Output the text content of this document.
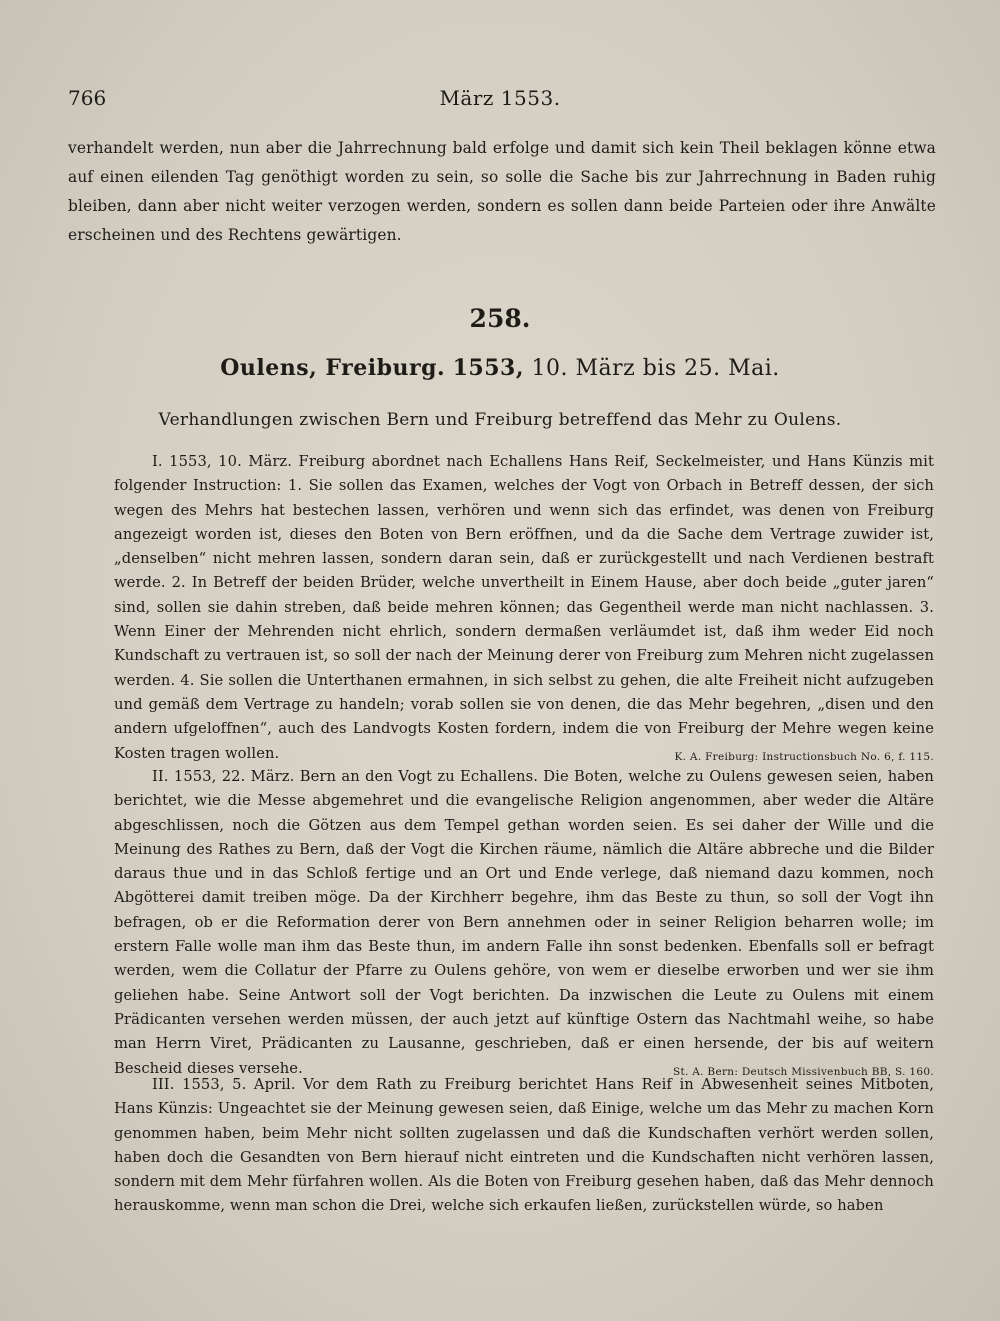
766	März 1553.
verhandelt werden, nun aber die Jahrrechnung bald erfolge und damit sich kein Theil beklagen könne etwa auf einen eilenden Tag genöthigt worden zu sein, so solle die Sache bis zur Jahrrechnung in Baden ruhig bleiben, dann aber nicht weiter verzogen werden, sondern es sollen dann beide Parteien oder ihre Anwälte erscheinen und des Rechtens gewärtigen.
258.
Oulens, Freiburg. 1553, 10. März bis 25. Mai.
Verhandlungen zwischen Bern und Freiburg betreffend das Mehr zu Oulens.

I. 1553, 10. März. Freiburg abordnet nach Echallens Hans Reif, Seckelmeister, und Hans Künzis mit folgender Instruction: 1. Sie sollen das Examen, welches der Vogt von Orbach in Betreff dessen, der sich wegen des Mehrs hat bestechen lassen, verhören und wenn sich das erfindet, was denen von Freiburg angezeigt worden ist, dieses den Boten von Bern eröffnen, und da die Sache dem Vertrage zuwider ist, „denselben“ nicht mehren lassen, sondern daran sein, daß er zurückgestellt und nach Verdienen bestraft werde. 2. In Betreff der beiden Brüder, welche unvertheilt in Einem Hause, aber doch beide „guter jaren“ sind, sollen sie dahin streben, daß beide mehren können; das Gegentheil werde man nicht nachlassen. 3. Wenn Einer der Mehrenden nicht ehrlich, sondern dermaßen verläumdet ist, daß ihm weder Eid noch Kundschaft zu vertrauen ist, so soll der nach der Meinung derer von Freiburg zum Mehren nicht zugelassen werden. 4. Sie sollen die Unterthanen ermahnen, in sich selbst zu gehen, die alte Freiheit nicht aufzugeben und gemäß dem Vertrage zu handeln; vorab sollen sie von denen, die das Mehr begehren, „disen und den andern ufgeloffnen“, auch des Landvogts Kosten fordern, indem die von Freiburg der Mehre wegen keine Kosten tragen wollen.	K. A. Freiburg: Instructionsbuch No. 6, f. 115.

II. 1553, 22. März. Bern an den Vogt zu Echallens. Die Boten, welche zu Oulens gewesen seien, haben berichtet, wie die Messe abgemehret und die evangelische Religion angenommen, aber weder die Altäre abgeschlissen, noch die Götzen aus dem Tempel gethan worden seien. Es sei daher der Wille und die Meinung des Rathes zu Bern, daß der Vogt die Kirchen räume, nämlich die Altäre abbreche und die Bilder daraus thue und in das Schloß fertige und an Ort und Ende verlege, daß niemand dazu kommen, noch Abgötterei damit treiben möge. Da der Kirchherr begehre, ihm das Beste zu thun, so soll der Vogt ihn befragen, ob er die Reformation derer von Bern annehmen oder in seiner Religion beharren wolle; im erstern Falle wolle man ihm das Beste thun, im andern Falle ihn sonst bedenken. Ebenfalls soll er befragt werden, wem die Collatur der Pfarre zu Oulens gehöre, von wem er dieselbe erworben und wer sie ihm geliehen habe. Seine Antwort soll der Vogt berichten. Da inzwischen die Leute zu Oulens mit einem Prädicanten versehen werden müssen, der auch jetzt auf künftige Ostern das Nachtmahl weihe, so habe man Herrn Viret, Prädicanten zu Lausanne, geschrieben, daß er einen hersende, der bis auf weitern Bescheid dieses versehe.	St. A. Bern: Deutsch Missivenbuch BB, S. 160.

III. 1553, 5. April. Vor dem Rath zu Freiburg berichtet Hans Reif in Abwesenheit seines Mitboten, Hans Künzis: Ungeachtet sie der Meinung gewesen seien, daß Einige, welche um das Mehr zu machen Korn genommen haben, beim Mehr nicht sollten zugelassen und daß die Kundschaften verhört werden sollen, haben doch die Gesandten von Bern hierauf nicht eintreten und die Kundschaften nicht verhören lassen, sondern mit dem Mehr fürfahren wollen. Als die Boten von Freiburg gesehen haben, daß das Mehr dennoch herauskomme, wenn man schon die Drei, welche sich erkaufen ließen, zurückstellen würde, so haben
